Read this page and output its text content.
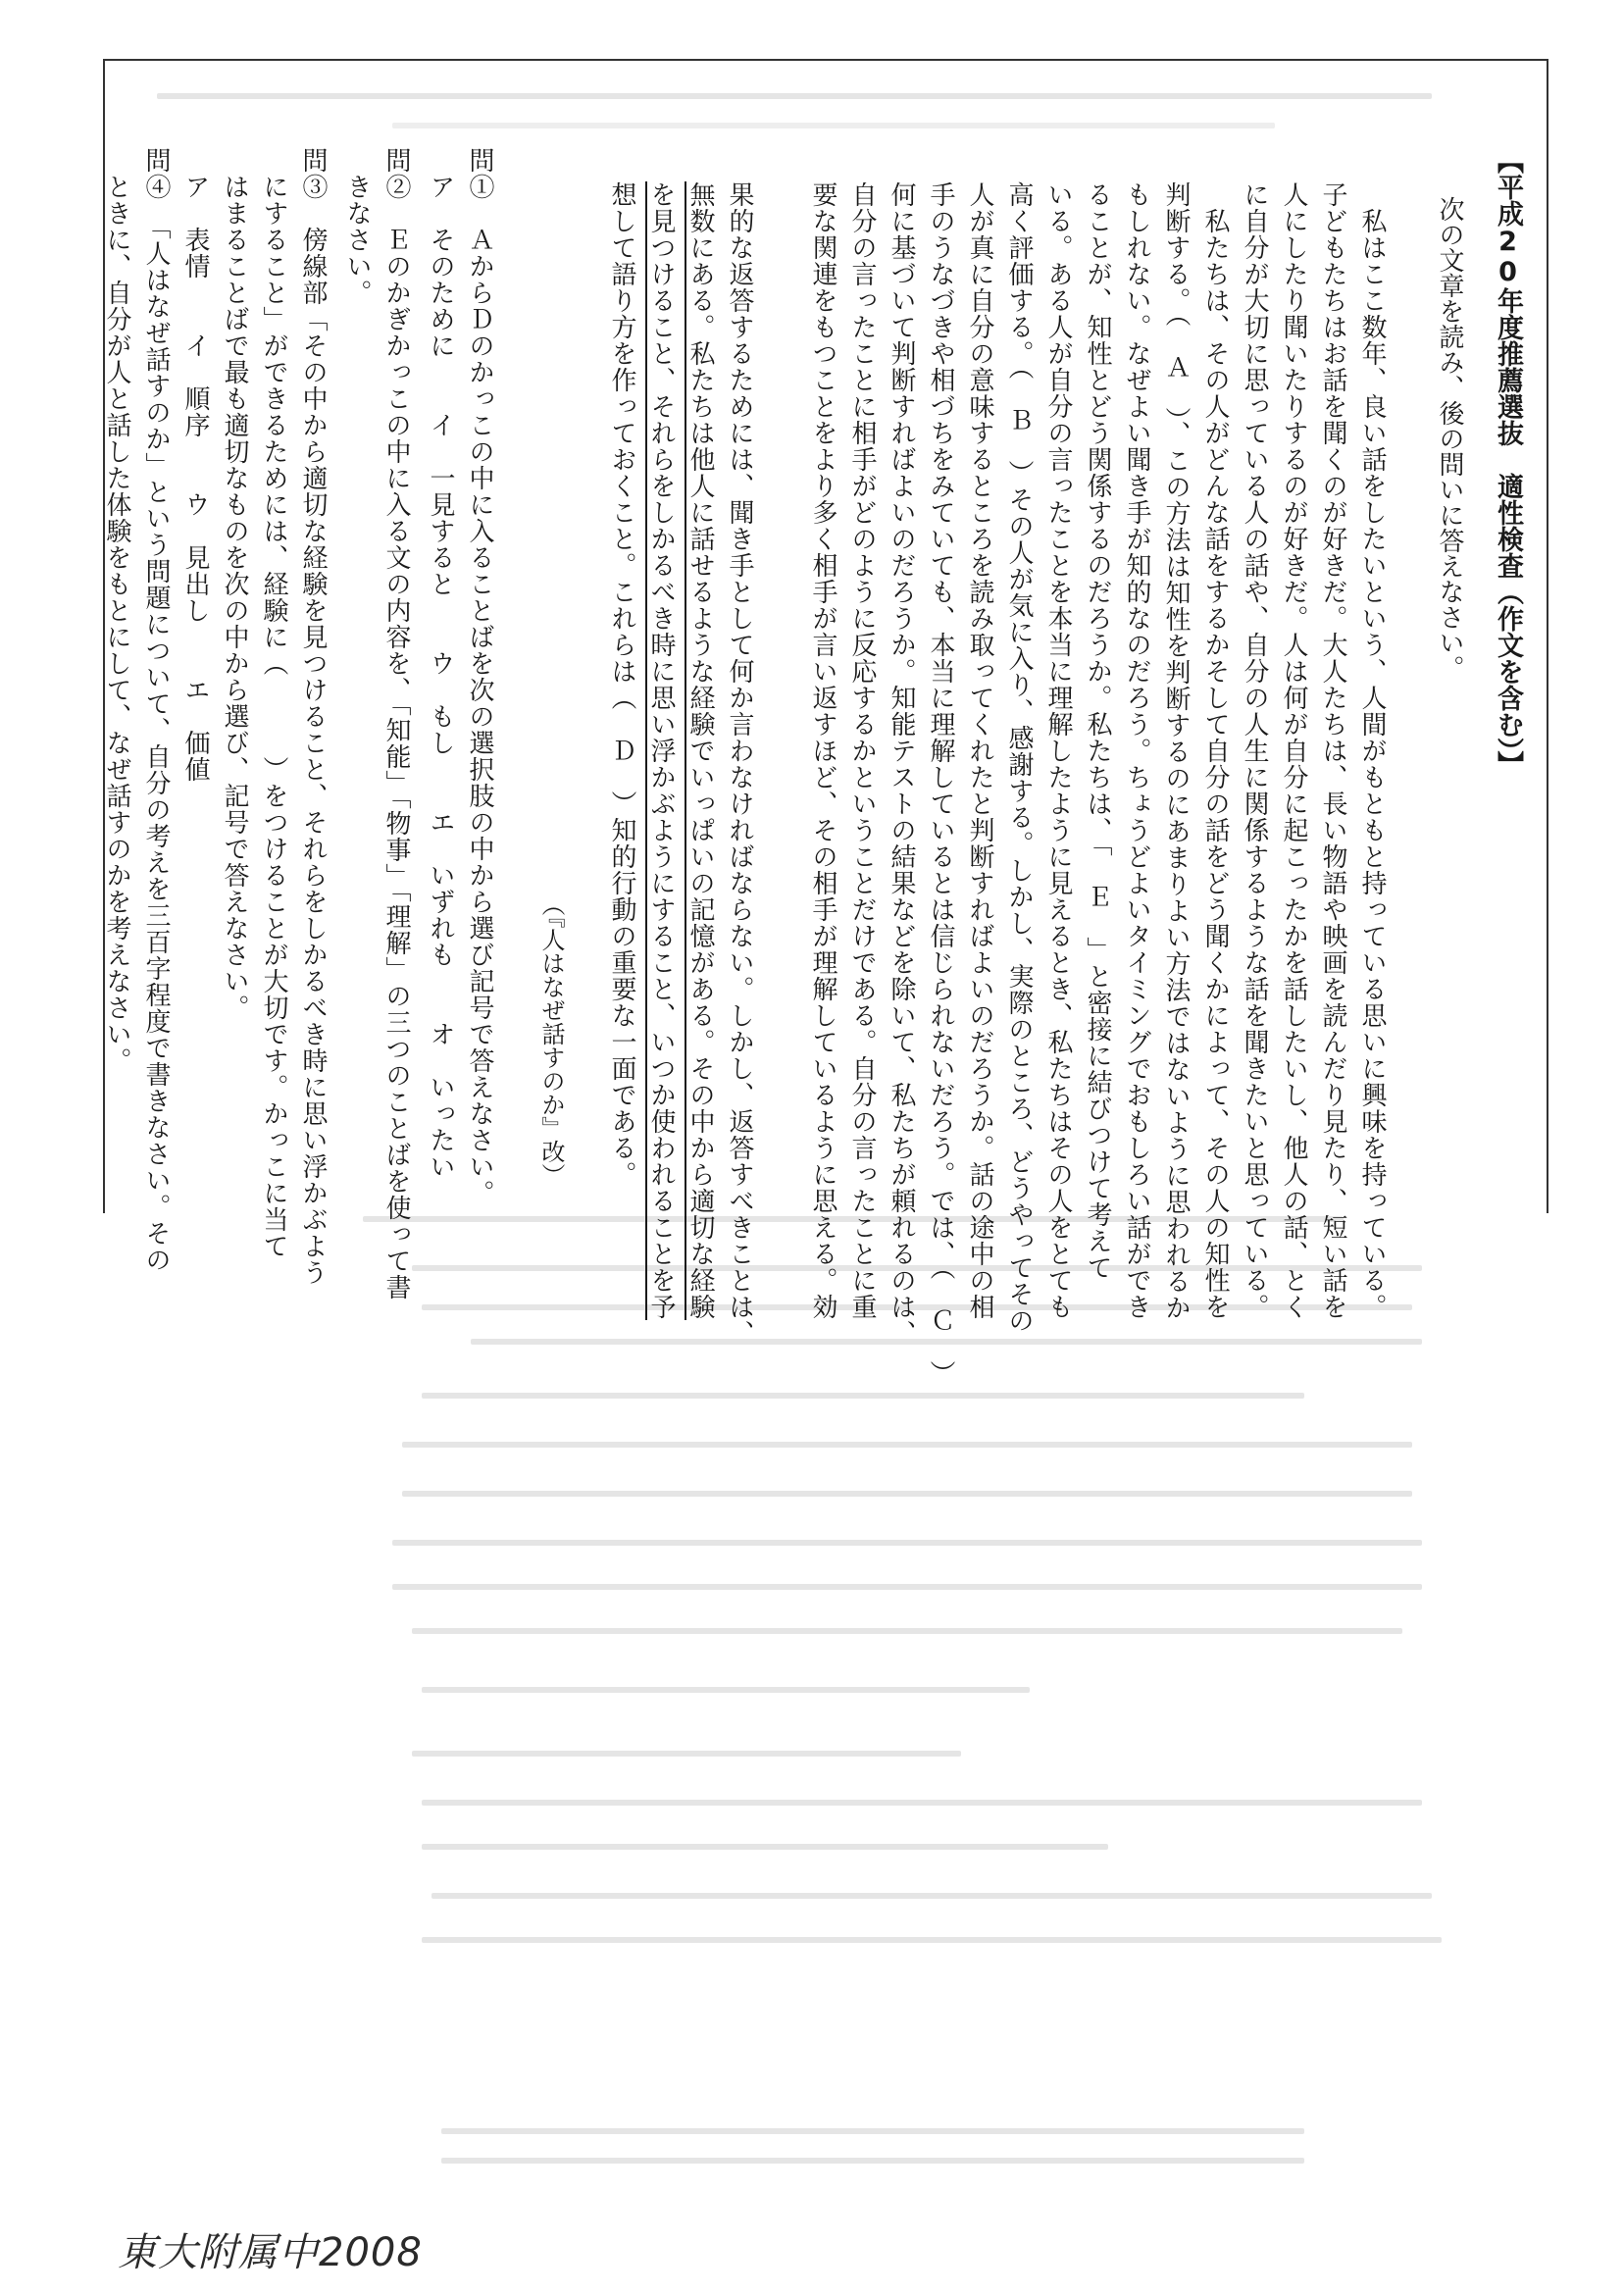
【平成20年度推薦選抜　適性検査（作文を含む）】
次の文章を読み、後の問いに答えなさい。
　私はここ数年、良い話をしたいという、人間がもともと持っている思いに興味を持っている。
子どもたちはお話を聞くのが好きだ。大人たちは、長い物語や映画を読んだり見たり、短い話を
人にしたり聞いたりするのが好きだ。人は何が自分に起こったかを話したいし、他人の話、とく
に自分が大切に思っている人の話や、自分の人生に関係するような話を聞きたいと思っている。
　私たちは、その人がどんな話をするかそして自分の話をどう聞くかによって、その人の知性を
判断する。（　Ａ　）、この方法は知性を判断するのにあまりよい方法ではないように思われるか
もしれない。なぜよい聞き手が知的なのだろう。ちょうどよいタイミングでおもしろい話ができ
ることが、知性とどう関係するのだろうか。私たちは、「　Ｅ　」と密接に結びつけて考えて
いる。ある人が自分の言ったことを本当に理解したように見えるとき、私たちはその人をとても
高く評価する。（　Ｂ　）その人が気に入り、感謝する。しかし、実際のところ、どうやってその
人が真に自分の意味するところを読み取ってくれたと判断すればよいのだろうか。話の途中の相
手のうなづきや相づちをみていても、本当に理解しているとは信じられないだろう。では、（　Ｃ　）
何に基づいて判断すればよいのだろうか。知能テストの結果などを除いて、私たちが頼れるのは、
自分の言ったことに相手がどのように反応するかということだけである。自分の言ったことに重
要な関連をもつことをより多く相手が言い返すほど、その相手が理解しているように思える。効
果的な返答するためには、聞き手として何か言わなければならない。しかし、返答すべきことは、
無数にある。私たちは他人に話せるような経験でいっぱいの記憶がある。その中から適切な経験
を見つけること、それらをしかるべき時に思い浮かぶようにすること、いつか使われることを予
想して語り方を作っておくこと。これらは（　Ｄ　）知的行動の重要な一面である。
（『人はなぜ話すのか』改）
問①　ＡからＤのかっこの中に入ることばを次の選択肢の中から選び記号で答えなさい。
　ア　そのために　　イ　一見すると　　ウ　もし　　エ　いずれも　　オ　いったい
問②　Ｅのかぎかっこの中に入る文の内容を、「知能」「物事」「理解」の三つのことばを使って書
　きなさい。
問③　傍線部「その中から適切な経験を見つけること、それらをしかるべき時に思い浮かぶよう
　にすること」ができるためには、経験に（　　　）をつけることが大切です。かっこに当て
　はまることばで最も適切なものを次の中から選び、記号で答えなさい。
　ア　表情　　イ　順序　　ウ　見出し　　エ　価値
問④　「人はなぜ話すのか」という問題について、自分の考えを三百字程度で書きなさい。その
　ときに、自分が人と話した体験をもとにして、なぜ話すのかを考えなさい。
東大附属中2008
